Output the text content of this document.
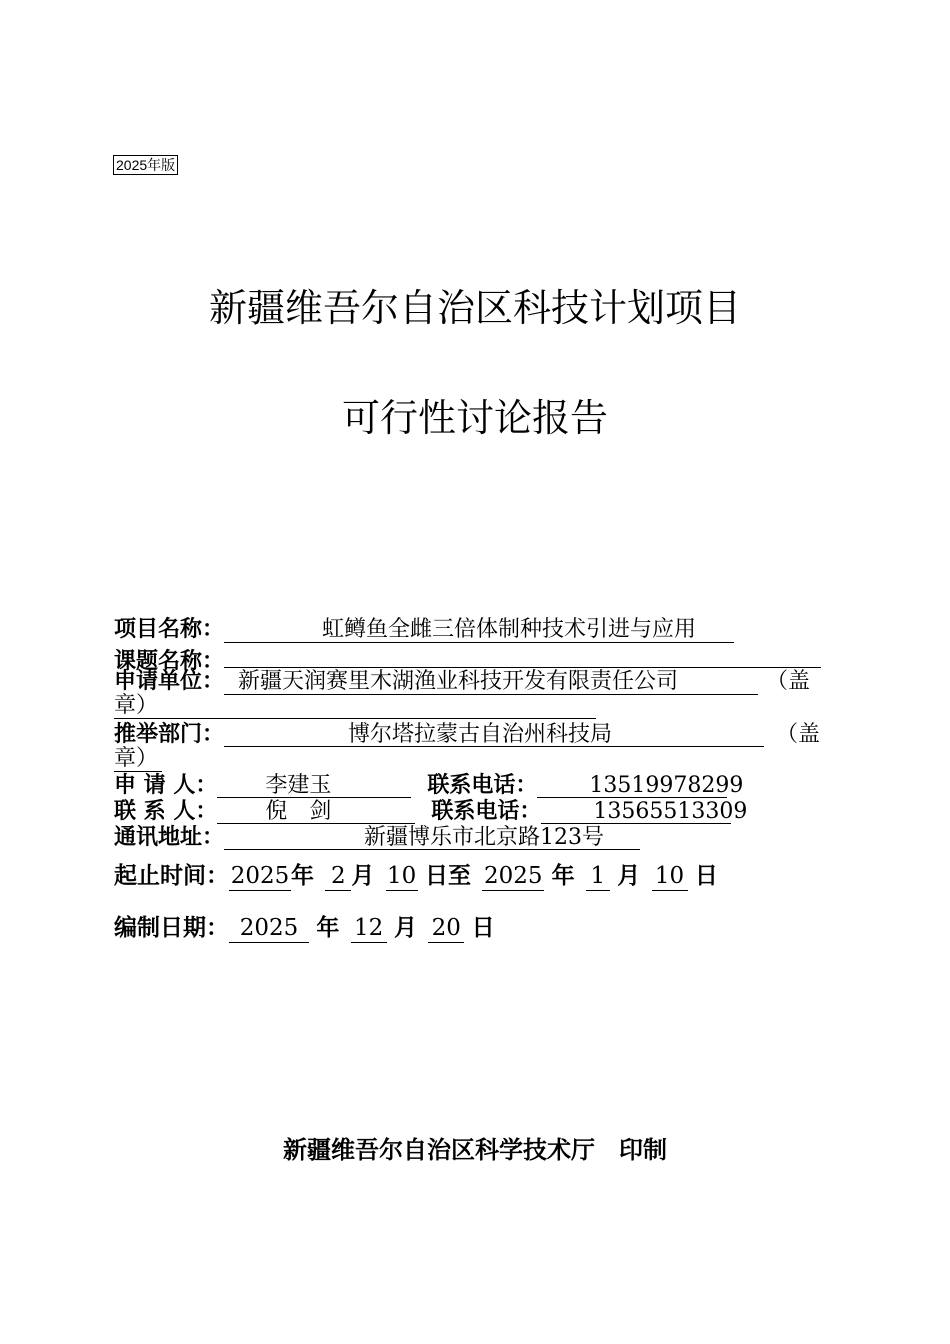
2025年版
新疆维吾尔自治区科技计划项目
可行性讨论报告
项目名称：	虹鳟鱼全雌三倍体制种技术引进与应用
课题名称：
申请单位： 新疆天润赛里木湖渔业科技开发有限责任公司	（盖
章）
推举部门：	博尔塔拉蒙古自治州科技局	（盖
章）
申 请 人： 李建玉	联系电话： 13519978299
联 系 人： 倪　剑	联系电话： 13565513309
通讯地址：	新疆博乐市北京路123号
起止时间：2025年 2 月 10 日至 2025 年 1 月 10 日
编制日期： 2025 年 12 月 20 日
新疆维吾尔自治区科学技术厅　印制
